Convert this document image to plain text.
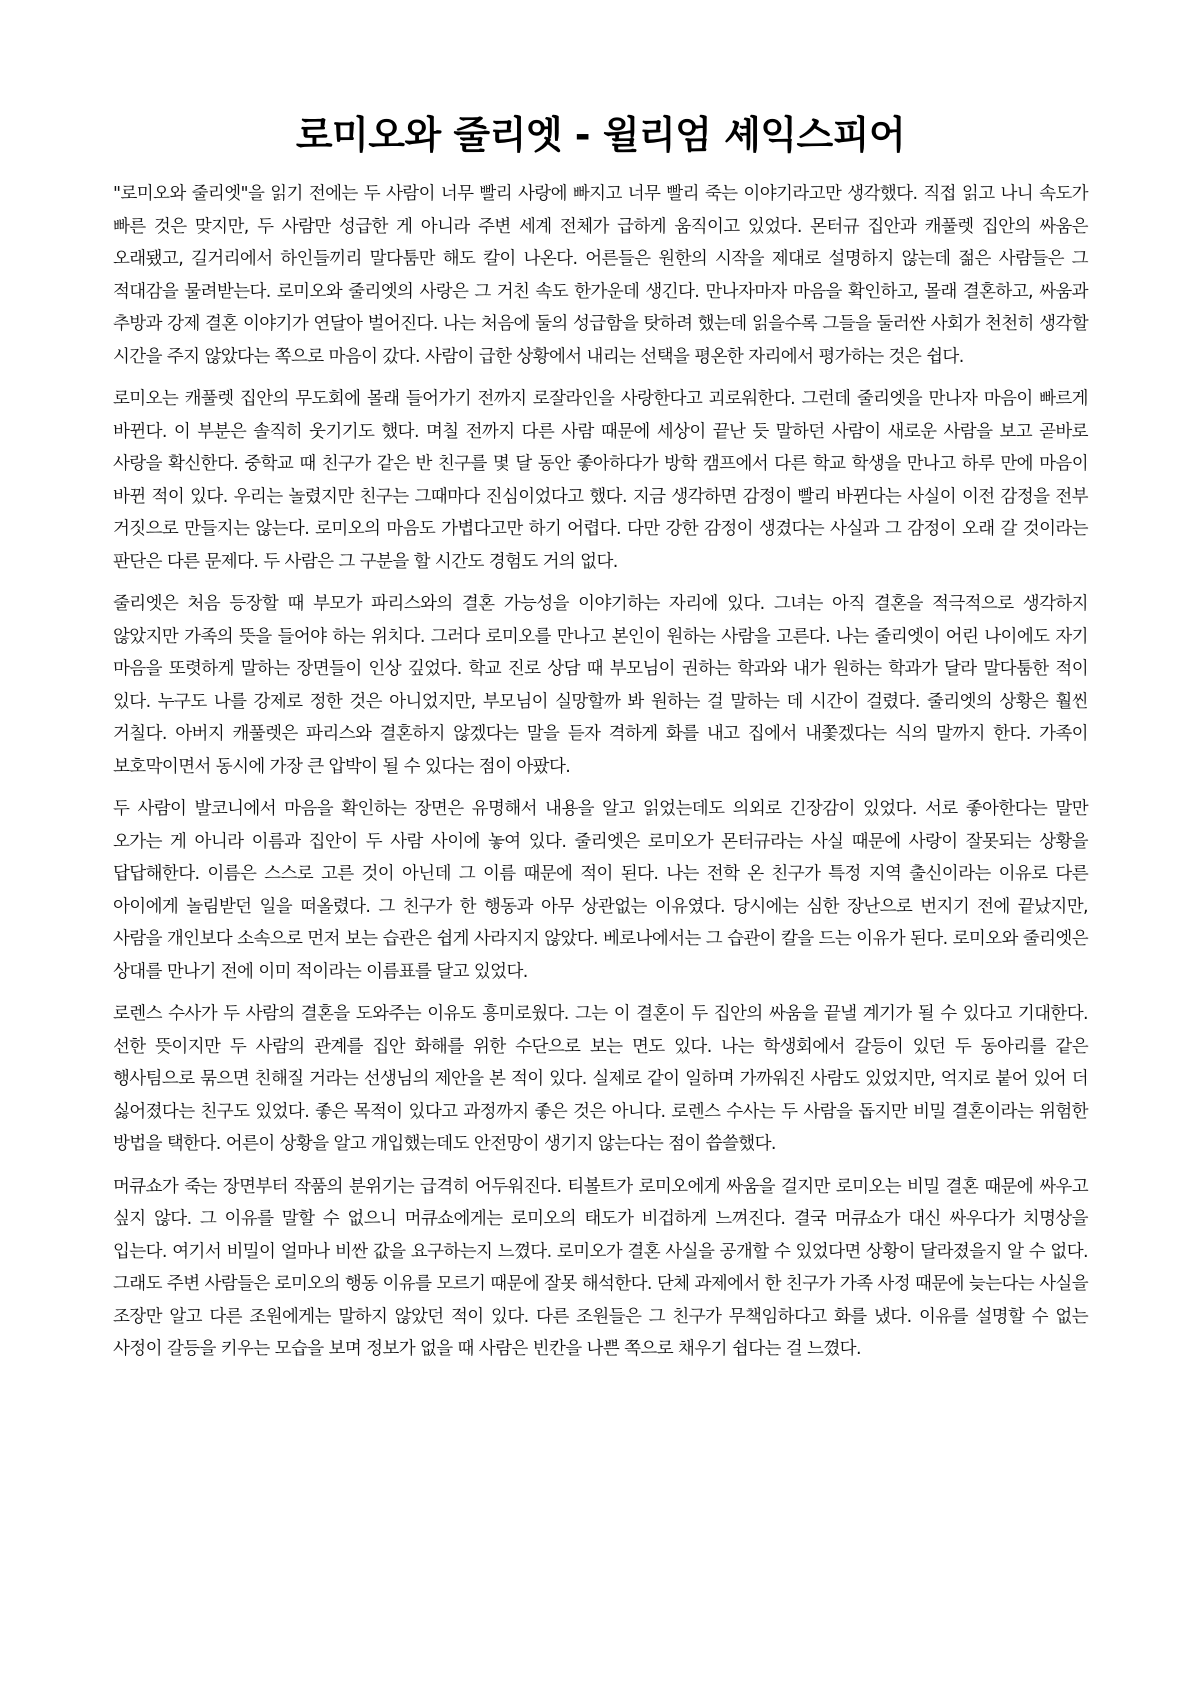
로미오와 줄리엣 - 윌리엄 셰익스피어

"로미오와 줄리엣"을 읽기 전에는 두 사람이 너무 빨리 사랑에 빠지고 너무 빨리 죽는 이야기라고만 생각했다. 직접 읽고 나니 속도가 빠른 것은 맞지만, 두 사람만 성급한 게 아니라 주변 세계 전체가 급하게 움직이고 있었다. 몬터규 집안과 캐풀렛 집안의 싸움은 오래됐고, 길거리에서 하인들끼리 말다툼만 해도 칼이 나온다. 어른들은 원한의 시작을 제대로 설명하지 않는데 젊은 사람들은 그 적대감을 물려받는다. 로미오와 줄리엣의 사랑은 그 거친 속도 한가운데 생긴다. 만나자마자 마음을 확인하고, 몰래 결혼하고, 싸움과 추방과 강제 결혼 이야기가 연달아 벌어진다. 나는 처음에 둘의 성급함을 탓하려 했는데 읽을수록 그들을 둘러싼 사회가 천천히 생각할 시간을 주지 않았다는 쪽으로 마음이 갔다. 사람이 급한 상황에서 내리는 선택을 평온한 자리에서 평가하는 것은 쉽다.

로미오는 캐풀렛 집안의 무도회에 몰래 들어가기 전까지 로잘라인을 사랑한다고 괴로워한다. 그런데 줄리엣을 만나자 마음이 빠르게 바뀐다. 이 부분은 솔직히 웃기기도 했다. 며칠 전까지 다른 사람 때문에 세상이 끝난 듯 말하던 사람이 새로운 사람을 보고 곧바로 사랑을 확신한다. 중학교 때 친구가 같은 반 친구를 몇 달 동안 좋아하다가 방학 캠프에서 다른 학교 학생을 만나고 하루 만에 마음이 바뀐 적이 있다. 우리는 놀렸지만 친구는 그때마다 진심이었다고 했다. 지금 생각하면 감정이 빨리 바뀐다는 사실이 이전 감정을 전부 거짓으로 만들지는 않는다. 로미오의 마음도 가볍다고만 하기 어렵다. 다만 강한 감정이 생겼다는 사실과 그 감정이 오래 갈 것이라는 판단은 다른 문제다. 두 사람은 그 구분을 할 시간도 경험도 거의 없다.

줄리엣은 처음 등장할 때 부모가 파리스와의 결혼 가능성을 이야기하는 자리에 있다. 그녀는 아직 결혼을 적극적으로 생각하지 않았지만 가족의 뜻을 들어야 하는 위치다. 그러다 로미오를 만나고 본인이 원하는 사람을 고른다. 나는 줄리엣이 어린 나이에도 자기 마음을 또렷하게 말하는 장면들이 인상 깊었다. 학교 진로 상담 때 부모님이 권하는 학과와 내가 원하는 학과가 달라 말다툼한 적이 있다. 누구도 나를 강제로 정한 것은 아니었지만, 부모님이 실망할까 봐 원하는 걸 말하는 데 시간이 걸렸다. 줄리엣의 상황은 훨씬 거칠다. 아버지 캐풀렛은 파리스와 결혼하지 않겠다는 말을 듣자 격하게 화를 내고 집에서 내쫓겠다는 식의 말까지 한다. 가족이 보호막이면서 동시에 가장 큰 압박이 될 수 있다는 점이 아팠다.

두 사람이 발코니에서 마음을 확인하는 장면은 유명해서 내용을 알고 읽었는데도 의외로 긴장감이 있었다. 서로 좋아한다는 말만 오가는 게 아니라 이름과 집안이 두 사람 사이에 놓여 있다. 줄리엣은 로미오가 몬터규라는 사실 때문에 사랑이 잘못되는 상황을 답답해한다. 이름은 스스로 고른 것이 아닌데 그 이름 때문에 적이 된다. 나는 전학 온 친구가 특정 지역 출신이라는 이유로 다른 아이에게 놀림받던 일을 떠올렸다. 그 친구가 한 행동과 아무 상관없는 이유였다. 당시에는 심한 장난으로 번지기 전에 끝났지만, 사람을 개인보다 소속으로 먼저 보는 습관은 쉽게 사라지지 않았다. 베로나에서는 그 습관이 칼을 드는 이유가 된다. 로미오와 줄리엣은 상대를 만나기 전에 이미 적이라는 이름표를 달고 있었다.

로렌스 수사가 두 사람의 결혼을 도와주는 이유도 흥미로웠다. 그는 이 결혼이 두 집안의 싸움을 끝낼 계기가 될 수 있다고 기대한다. 선한 뜻이지만 두 사람의 관계를 집안 화해를 위한 수단으로 보는 면도 있다. 나는 학생회에서 갈등이 있던 두 동아리를 같은 행사팀으로 묶으면 친해질 거라는 선생님의 제안을 본 적이 있다. 실제로 같이 일하며 가까워진 사람도 있었지만, 억지로 붙어 있어 더 싫어졌다는 친구도 있었다. 좋은 목적이 있다고 과정까지 좋은 것은 아니다. 로렌스 수사는 두 사람을 돕지만 비밀 결혼이라는 위험한 방법을 택한다. 어른이 상황을 알고 개입했는데도 안전망이 생기지 않는다는 점이 씁쓸했다.

머큐쇼가 죽는 장면부터 작품의 분위기는 급격히 어두워진다. 티볼트가 로미오에게 싸움을 걸지만 로미오는 비밀 결혼 때문에 싸우고 싶지 않다. 그 이유를 말할 수 없으니 머큐쇼에게는 로미오의 태도가 비겁하게 느껴진다. 결국 머큐쇼가 대신 싸우다가 치명상을 입는다. 여기서 비밀이 얼마나 비싼 값을 요구하는지 느꼈다. 로미오가 결혼 사실을 공개할 수 있었다면 상황이 달라졌을지 알 수 없다. 그래도 주변 사람들은 로미오의 행동 이유를 모르기 때문에 잘못 해석한다. 단체 과제에서 한 친구가 가족 사정 때문에 늦는다는 사실을 조장만 알고 다른 조원에게는 말하지 않았던 적이 있다. 다른 조원들은 그 친구가 무책임하다고 화를 냈다. 이유를 설명할 수 없는 사정이 갈등을 키우는 모습을 보며 정보가 없을 때 사람은 빈칸을 나쁜 쪽으로 채우기 쉽다는 걸 느꼈다.
